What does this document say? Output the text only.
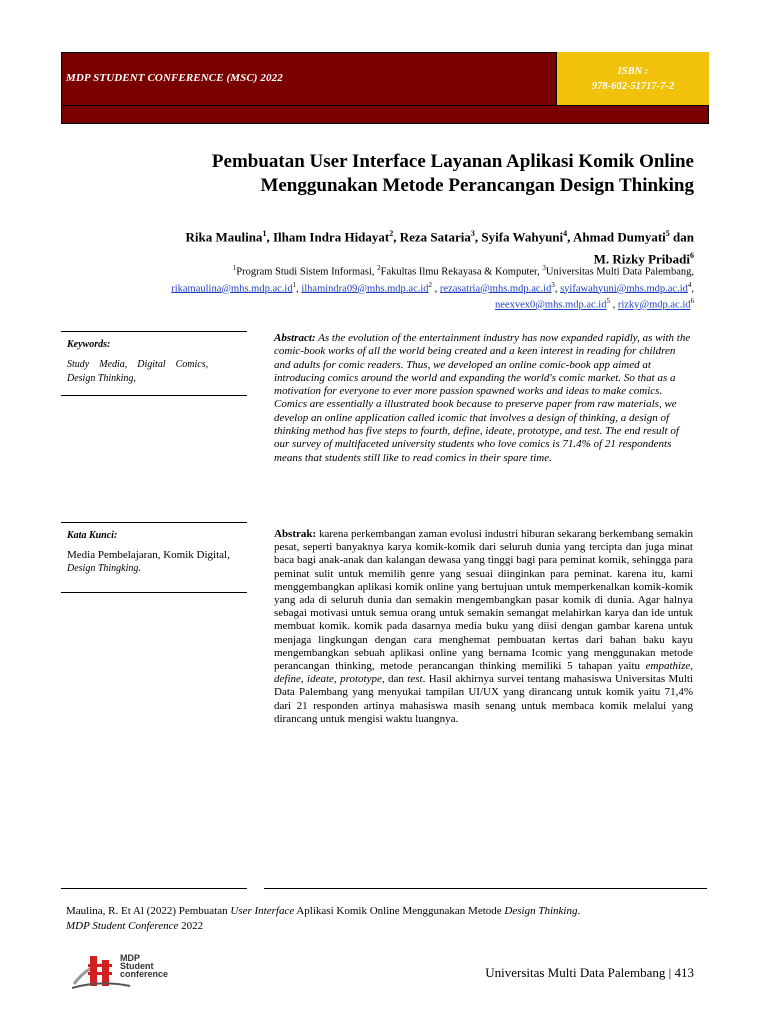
MDP STUDENT CONFERENCE (MSC) 2022
ISBN :
978-602-51717-7-2
Pembuatan User Interface Layanan Aplikasi Komik Online
Menggunakan Metode Perancangan Design Thinking
Rika Maulina$^1$, Ilham Indra Hidayat$^2$, Reza Sataria$^3$, Syifa Wahyuni$^4$, Ahmad Dumyati$^5$ dan
M. Rizky Pribadi$^6$
$^1$Program Studi Sistem Informasi, $^2$Fakultas Ilmu Rekayasa & Komputer, $^3$Universitas Multi Data Palembang,
$rikamaulina@mhs.mdp.ac.id^1$, $ilhamindra09@mhs.mdp.ac.id^2$ , $rezasatria@mhs.mdp.ac.id^3$, $syifawahyuni@mhs.mdp.ac.id^4$,
$neexvex0@mhs.mdp.ac.id^5$ , $rizky@mdp.ac.id^6$
Keywords:
Study    Media,    Digital    Comics,
Design Thinking,
Kata Kunci:
Media Pembelajaran, Komik Digital,
Design Thingking.
Abstract: As the evolution of the entertainment industry has now expanded rapidly, as with the comic-book works of all the world being created and a keen interest in reading for children and adults for comic readers. Thus, we developed an online comic-book app aimed at introducing comics around the world and expanding the world's comic market. So that as a motivation for everyone to ever more passion spawned works and ideas to make comics. Comics are essentially a illustrated book because to preserve paper from raw materials, we develop an online application called icomic that involves a design of thinking, a design of thinking method has five steps to fourth, define, ideate, prototype, and test. The end result of our survey of multifaceted university students who love comics is 71.4% of 21 respondents means that students still like to read comics in their spare time.
Abstrak: karena perkembangan zaman evolusi industri hiburan sekarang berkembang semakin pesat, seperti banyaknya karya komik-komik dari seluruh dunia yang tercipta dan juga minat baca bagi anak-anak dan kalangan dewasa yang tinggi bagi para peminat komik, sehingga para peminat sulit untuk memilih genre yang sesuai diinginkan para peminat. karena itu, kami menggembangkan aplikasi komik online yang bertujuan untuk memperkenalkan komik-komik yang ada di seluruh dunia dan semakin mengembangkan pasar komik di dunia. Agar halnya sebagai motivasi untuk semua orang untuk semakin semangat melahirkan karya dan ide untuk membuat komik. komik pada dasarnya media buku yang diisi dengan gambar karena untuk menjaga lingkungan dengan cara menghemat pembuatan kertas dari bahan baku kayu mengembangkan sebuah aplikasi online yang bernama Icomic yang menggunakan metode perancangan thinking, metode perancangan thinking memiliki 5 tahapan yaitu empathize, define, ideate, prototype, dan test. Hasil akhirnya survei tentang mahasiswa Universitas Multi Data Palembang yang menyukai tampilan UI/UX yang dirancang untuk komik yaitu 71,4% dari 21 responden artinya mahasiswa masih senang untuk membaca komik melalui yang dirancang untuk mengisi waktu luangnya.
Maulina, R. Et Al (2022) Pembuatan User Interface Aplikasi Komik Online Menggunakan Metode Design Thinking.
MDP Student Conference 2022
MDP
Student
conference	Universitas Multi Data Palembang | 413
